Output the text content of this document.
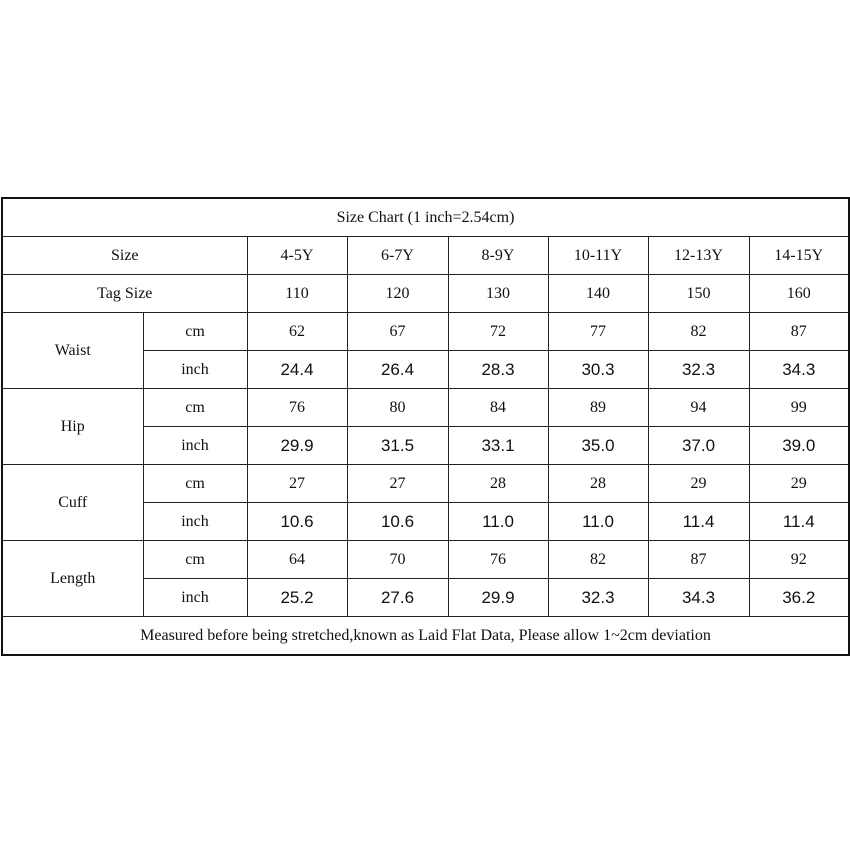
Size Chart (1 inch=2.54cm)							
Size		4-5Y	6-7Y	8-9Y	10-11Y	12-13Y	14-15Y
Tag Size		110	120	130	140	150	160
Waist	cm	62	67	72	77	82	87
	inch	24.4	26.4	28.3	30.3	32.3	34.3
Hip	cm	76	80	84	89	94	99
	inch	29.9	31.5	33.1	35.0	37.0	39.0
Cuff	cm	27	27	28	28	29	29
	inch	10.6	10.6	11.0	11.0	11.4	11.4
Length	cm	64	70	76	82	87	92
	inch	25.2	27.6	29.9	32.3	34.3	36.2
Measured before being stretched,known as Laid Flat Data, Please allow 1~2cm deviation							
